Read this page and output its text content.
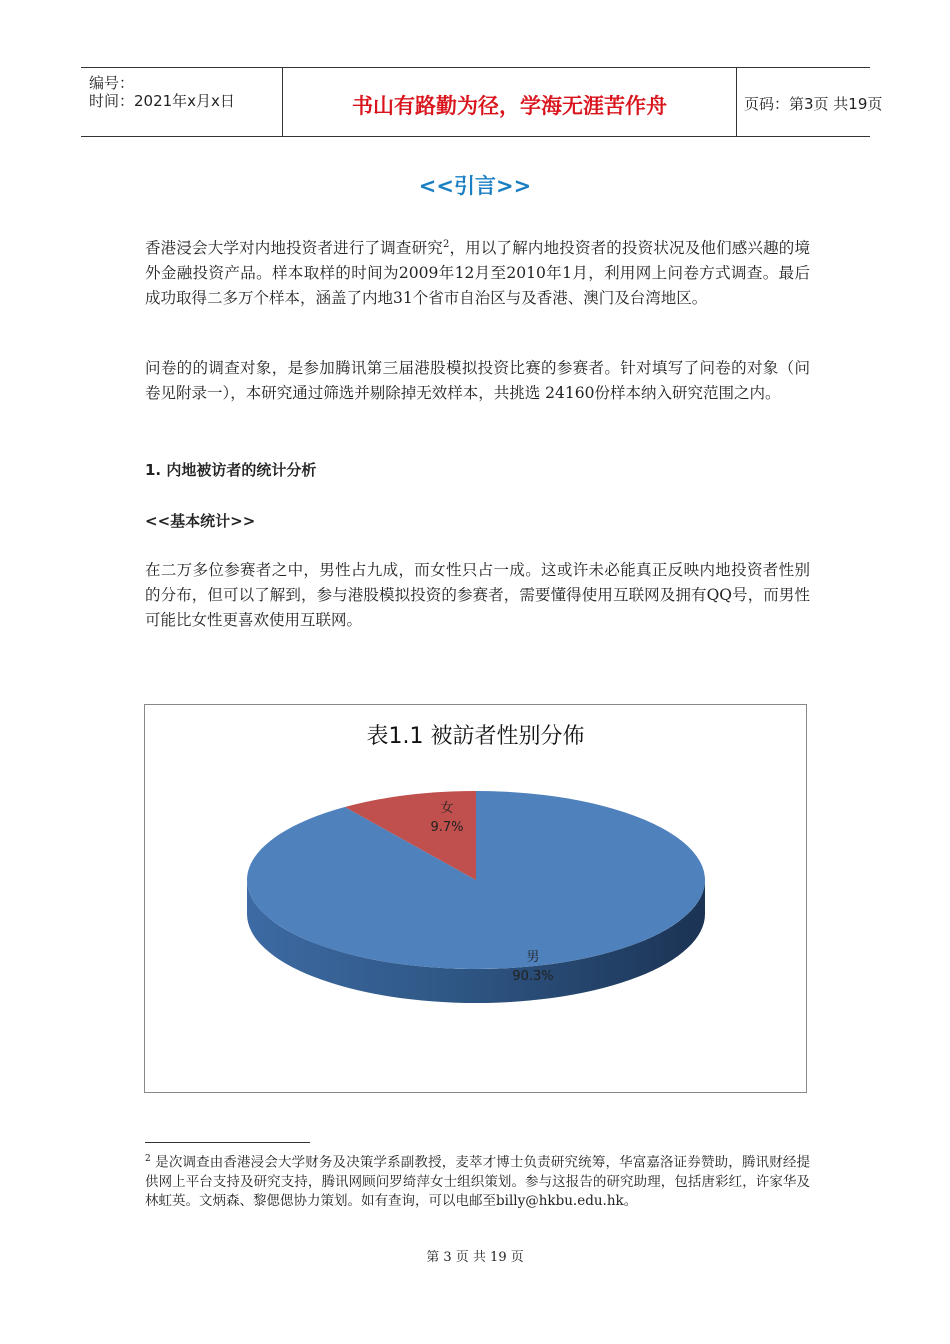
编号：
时间：2021年x月x日	书山有路勤为径，学海无涯苦作舟	页码：第3页 共19页
<<引言>>
香港浸会大学对内地投资者进行了调查研究$^2$，用以了解内地投资者的投资状况及他们感兴趣的境外金融投资产品。样本取样的时间为2009年12月至2010年1月，利用网上问卷方式调查。最后成功取得二多万个样本，涵盖了内地31个省市自治区与及香港、澳门及台湾地区。
问卷的的调查对象，是参加腾讯第三届港股模拟投资比赛的参赛者。针对填写了问卷的对象（问卷见附录一），本研究通过筛选并剔除掉无效样本，共挑选 24160份样本纳入研究范围之内。
1. 内地被访者的统计分析
<<基本统计>>
在二万多位参赛者之中，男性占九成，而女性只占一成。这或许未必能真正反映内地投资者性别的分布，但可以了解到，参与港股模拟投资的参赛者，需要懂得使用互联网及拥有QQ号，而男性可能比女性更喜欢使用互联网。
表1.1 被訪者性别分佈
女
9.7%
男
90.3%
$^2$ 是次调查由香港浸会大学财务及决策学系副教授，麦萃才博士负责研究统筹，华富嘉洛证券赞助，腾讯财经提供网上平台支持及研究支持，腾讯网顾问罗绮萍女士组织策划。参与这报告的研究助理，包括唐彩红，许家华及林虹英。文炳森、黎偲偲协力策划。如有查询，可以电邮至billy@hkbu.edu.hk。
第 3 页 共 19 页
